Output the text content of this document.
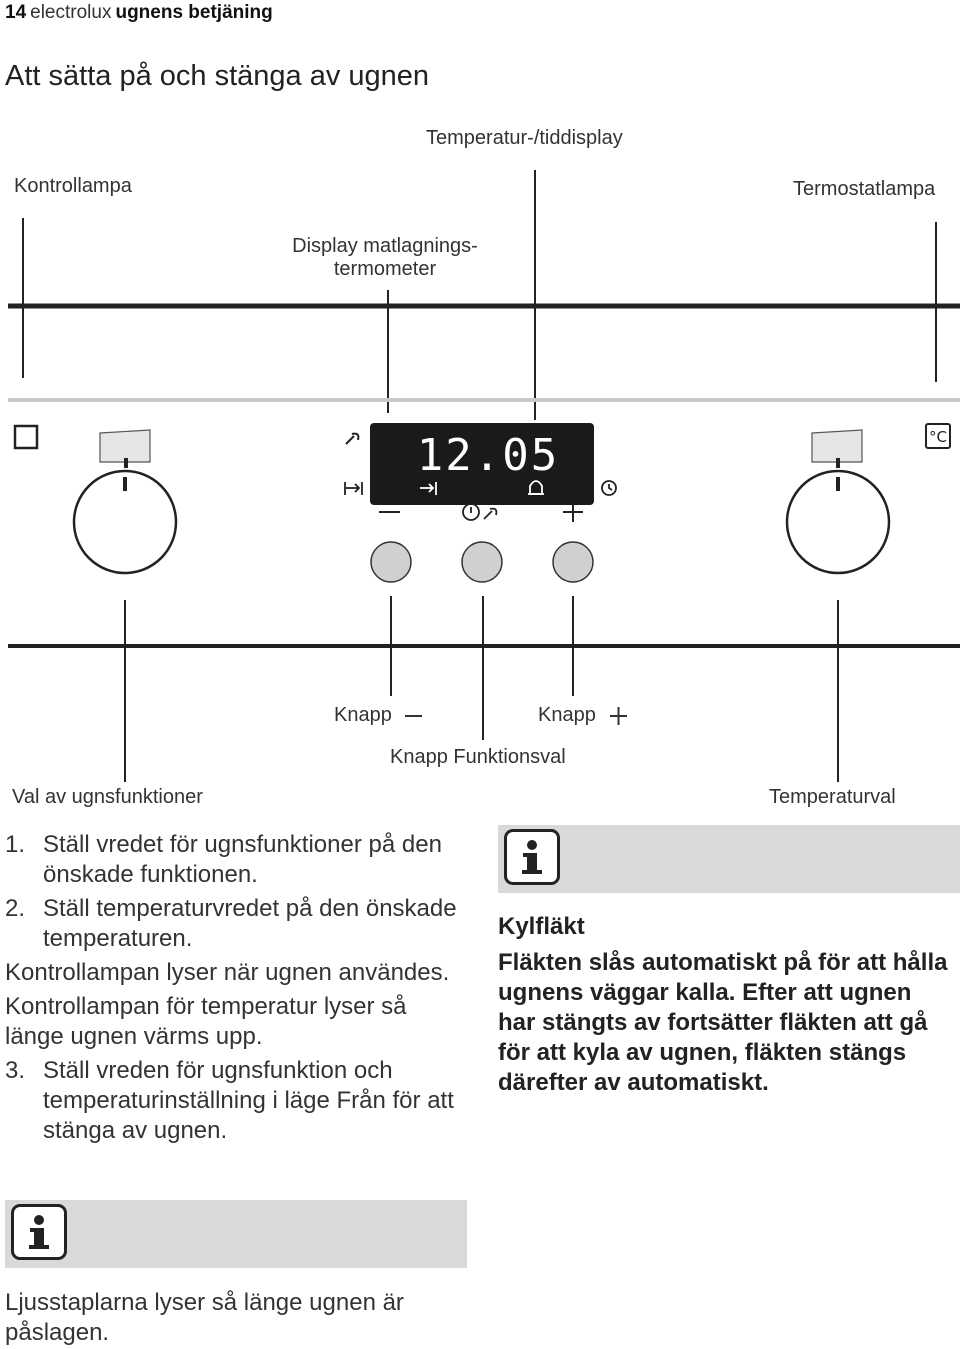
14 electrolux ugnens betjäning
Att sätta på och stänga av ugnen
°C
12.05
Temperatur-/tiddisplay
Kontrollampa	Termostatlampa
Display matlagnings-
termometer
Knapp	Knapp
Knapp Funktionsval
Val av ugnsfunktioner	Temperaturval
1. Ställ vredet för ugnsfunktioner på den önskade funktionen.
2. Ställ temperaturvredet på den önskade temperaturen.

Kontrollampan lyser när ugnen användes.

Kontrollampan för temperatur lyser så länge ugnen värms upp.

3. Ställ vreden för ugnsfunktion och temperaturinställning i läge Från för att stänga av ugnen.
Kylfläkt
Fläkten slås automatiskt på för att hålla ugnens väggar kalla. Efter att ugnen har stängts av fortsätter fläkten att gå för att kyla av ugnen, fläkten stängs därefter av automatiskt.
Ljusstaplarna lyser så länge ugnen är påslagen.
